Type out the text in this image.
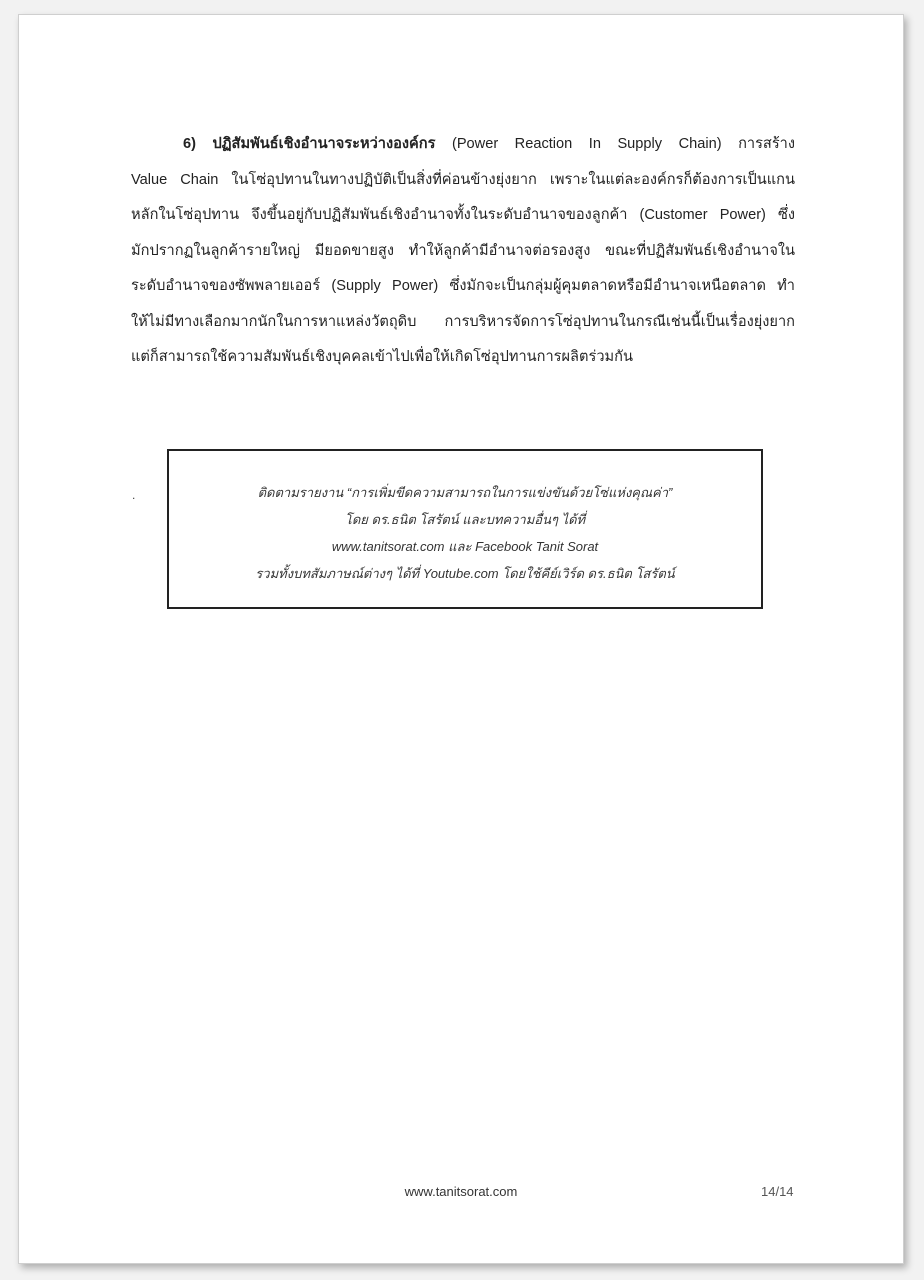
6) ปฏิสัมพันธ์เชิงอำนาจระหว่างองค์กร (Power Reaction In Supply Chain) การสร้าง
Value Chain ในโซ่อุปทานในทางปฏิบัติเป็นสิ่งที่ค่อนข้างยุ่งยาก เพราะในแต่ละองค์กรก็ต้องการเป็นแกน
หลักในโซ่อุปทาน จึงขึ้นอยู่กับปฏิสัมพันธ์เชิงอำนาจทั้งในระดับอำนาจของลูกค้า (Customer Power) ซึ่ง
มักปรากฏในลูกค้ารายใหญ่ มียอดขายสูง ทำให้ลูกค้ามีอำนาจต่อรองสูง ขณะที่ปฏิสัมพันธ์เชิงอำนาจใน
ระดับอำนาจของซัพพลายเออร์ (Supply Power) ซึ่งมักจะเป็นกลุ่มผู้คุมตลาดหรือมีอำนาจเหนือตลาด ทำ
ให้ไม่มีทางเลือกมากนักในการหาแหล่งวัตถุดิบ การบริหารจัดการโซ่อุปทานในกรณีเช่นนี้เป็นเรื่องยุ่งยาก
แต่ก็สามารถใช้ความสัมพันธ์เชิงบุคคลเข้าไปเพื่อให้เกิดโซ่อุปทานการผลิตร่วมกัน
.	ติดตามรายงาน “การเพิ่มขีดความสามารถในการแข่งขันด้วยโซ่แห่งคุณค่า”
โดย ดร.ธนิต โสรัตน์ และบทความอื่นๆ ได้ที่
www.tanitsorat.com และ Facebook Tanit Sorat
รวมทั้งบทสัมภาษณ์ต่างๆ ได้ที่ Youtube.com โดยใช้คีย์เวิร์ด ดร.ธนิต โสรัตน์
www.tanitsorat.com	14/14
